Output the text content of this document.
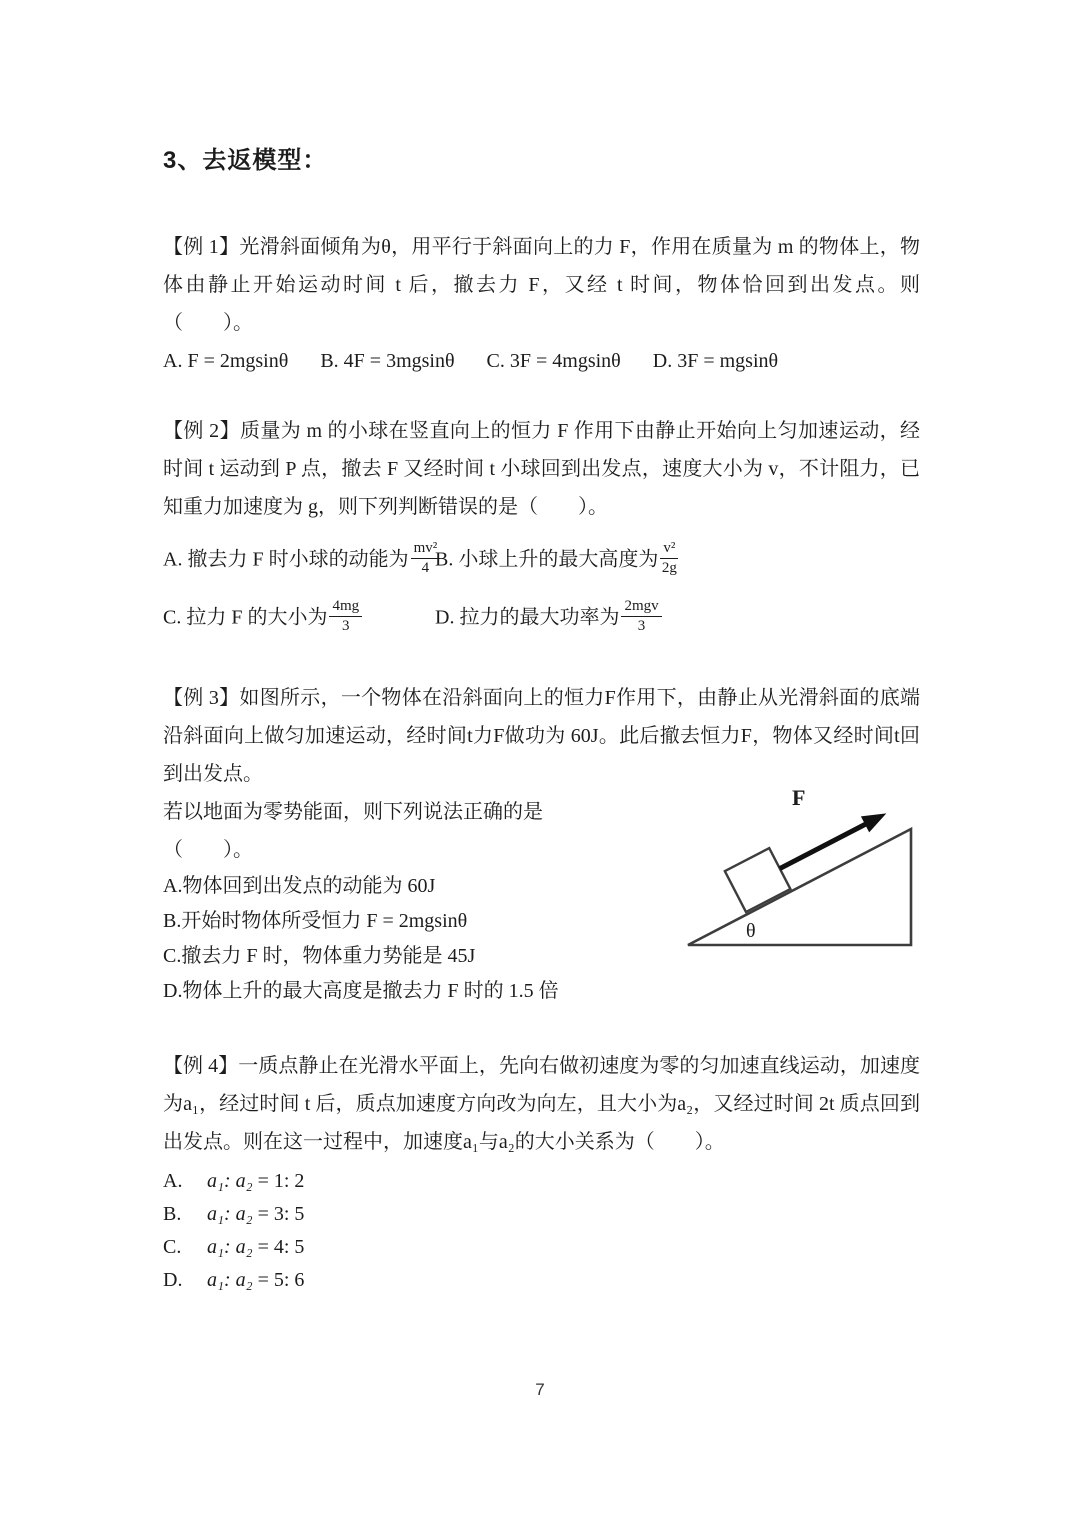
3、去返模型：

【例 1】光滑斜面倾角为θ，用平行于斜面向上的力 F，作用在质量为 m 的物体上，物体由静止开始运动时间 t 后，撤去力 F，又经 t 时间，物体恰回到出发点。则（　　）。

A. F = 2mgsinθ B. 4F = 3mgsinθ C. 3F = 4mgsinθ D. 3F = mgsinθ

【例 2】质量为 m 的小球在竖直向上的恒力 F 作用下由静止开始向上匀加速运动，经时间 t 运动到 P 点，撤去 F 又经时间 t 小球回到出发点，速度大小为 v，不计阻力，已知重力加速度为 g，则下列判断错误的是（　　）。

A. 撤去力 F 时小球的动能为 $\frac{\text{mv²}}{4}$
B. 小球上升的最大高度为 $\frac{\text{v²}}{2g}$
C. 拉力 F 的大小为 $\frac{4mg}{3}$	D. 拉力的最大功率为 $\frac{\text{2mgv}}{3}$

【例 3】如图所示，一个物体在沿斜面向上的恒力F作用下，由静止从光滑斜面的底端沿斜面向上做匀加速运动，经时间t力F做功为 60J。此后撤去恒力F，物体又经时间t回到出发点。

若以地面为零势能面，则下列说法正确的是（　　）。

A.物体回到出发点的动能为 60J
B.开始时物体所受恒力 F = 2mgsinθ
C.撤去力 F 时，物体重力势能是 45J
D.物体上升的最大高度是撤去力 F 时的 1.5 倍
F
θ

【例 4】一质点静止在光滑水平面上，先向右做初速度为零的匀加速直线运动，加速度为a₁，经过时间 t 后，质点加速度方向改为向左，且大小为a₂，又经过时间 2t 质点回到出发点。则在这一过程中，加速度a₁与a₂的大小关系为（　　）。

A. a₁: a₂ = 1: 2
B. a₁: a₂ = 3: 5
C. a₁: a₂ = 4: 5
D. a₁: a₂ = 5: 6
7
